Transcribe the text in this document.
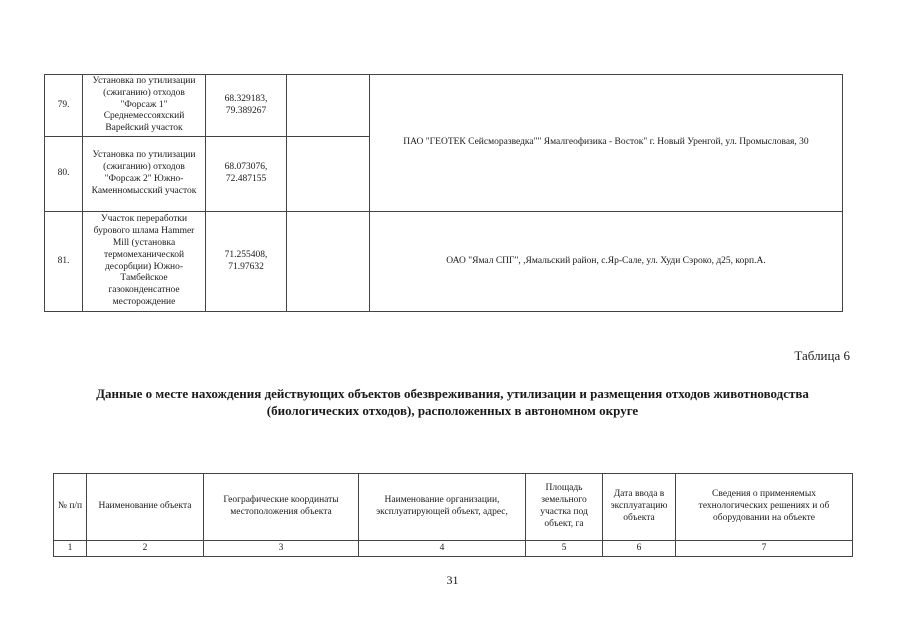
79.	Установка по утилизации (сжиганию) отходов "Форсаж 1" Среднемессояхский Варейский участок	68.329183, 79.389267		ПАО "ГЕОТЕК Сейсморазведка"" Ямалгеофизика - Восток" г. Новый Уренгой, ул. Промысловая, 30
80.	Установка по утилизации (сжиганию) отходов "Форсаж 2" Южно-Каменномысский участок	68.073076, 72.487155		
81.	Участок переработки бурового шлама Hammer Mill (установка термомеханической десорбции) Южно-Тамбейское газоконденсатное месторождение	71.255408, 71.97632		ОАО "Ямал СПГ", ,Ямальский район, с.Яр-Сале, ул. Худи Сэроко, д25, корп.А.
Таблица 6
Данные о месте нахождения действующих объектов обезвреживания, утилизации и размещения отходов животноводства (биологических отходов), расположенных в автономном округе
№ п/п	Наименование объекта	Географические координаты местоположения объекта	Наименование организации, эксплуатирующей объект, адрес,	Площадь земельного участка под объект, га	Дата ввода в эксплуатацию объекта	Сведения о применяемых технологических решениях и об оборудовании на объекте
1	2	3	4	5	6	7
31
